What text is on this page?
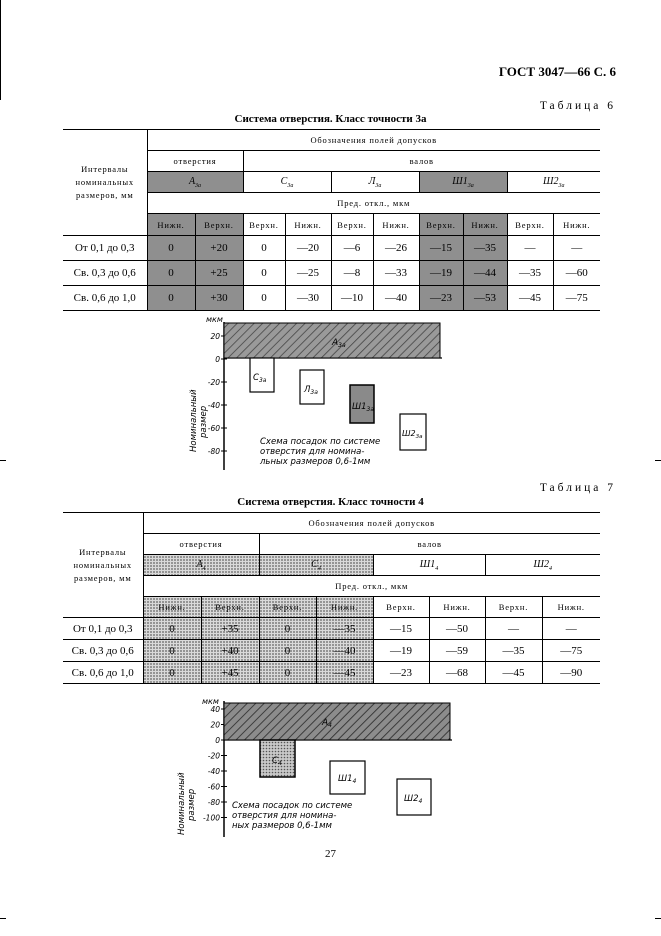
ГОСТ 3047—66 С. 6
Таблица 6
Система отверстия. Класс точности 3а
Интервалы
номинальных
размеров, мм	Обозначения полей допусков									
	отверстия		валов							
	$А_{3а}$		$С_{3а}$		$Л_{3а}$		$Ш1_{3а}$		$Ш2_{3а}$
	Пред. откл., мкм									
	Нижн.	Верхн.	Верхн.	Нижн.	Верхн.	Нижн.	Верхн.	Нижн.	Верхн.	Нижн.
От 0,1 до 0,3	0	+20	0	—20	—6	—26	—15	—35	—	—
Св. 0,3 до 0,6	0	+25	0	—25	—8	—33	—19	—44	—35	—60
Св. 0,6 до 1,0	0	+30	0	—30	—10	—40	—23	—53	—45	—75
мкм
20
0
-20
-40
-60
-80
Номинальныйразмер
$А_{3а}$
$С_{3а}$
$Л_{3а}$
$Ш1_{3а}$
$Ш2_{3а}$
Схема посадок по системе отверстия для номина- льных размеров 0,6-1мм
Таблица 7
Система отверстия. Класс точности 4
Интервалы
номинальных
размеров, мм	Обозначения полей допусков							
	отверстия		валов					
	$А_4$		$С_4$		$Ш1_4$		$Ш2_4$
	Пред. откл., мкм							
	Нижн.	Верхн.	Верхн.	Нижн.	Верхн.	Нижн.	Верхн.	Нижн.
От 0,1 до 0,3	0	+35	0	—35	—15	—50	—	—
Св. 0,3 до 0,6	0	+40	0	—40	—19	—59	—35	—75
Св. 0,6 до 1,0	0	+45	0	—45	—23	—68	—45	—90
мкм
40
20
0
-20
-40
-60
-80
-100
Номинальныйразмер
$А_4$
$С_4$
$Ш1_4$
$Ш2_4$
Схема посадок по системе отверстия для номина- ных размеров 0,6-1мм
27
